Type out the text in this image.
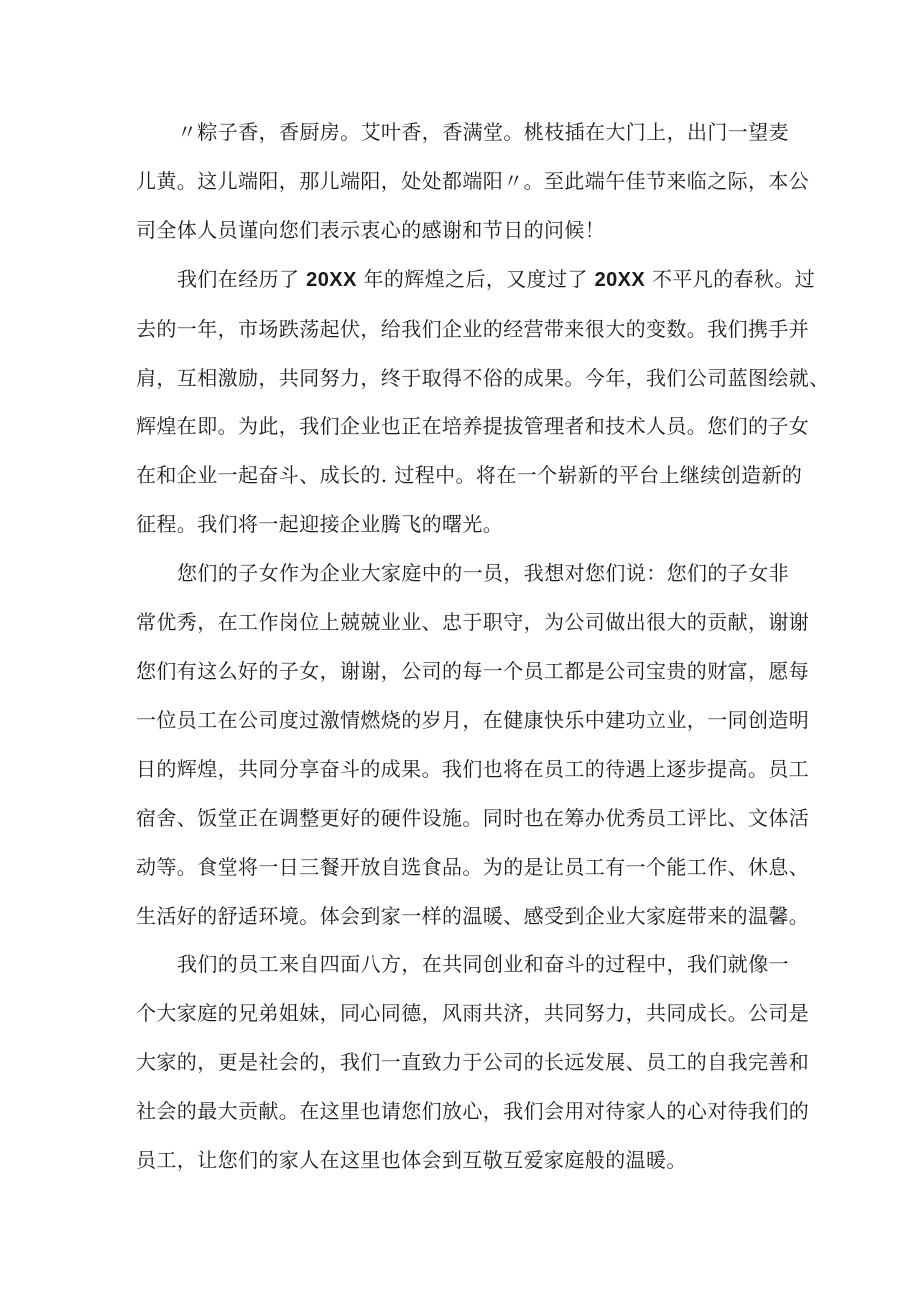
〃粽子香，香厨房。艾叶香，香满堂。桃枝插在大门上，出门一望麦
儿黄。这儿端阳，那儿端阳，处处都端阳〃。至此端午佳节来临之际，本公
司全体人员谨向您们表示衷心的感谢和节日的问候！
我们在经历了 20XX 年的辉煌之后，又度过了 20XX 不平凡的春秋。过
去的一年，市场跌荡起伏，给我们企业的经营带来很大的变数。我们携手并
肩，互相激励，共同努力，终于取得不俗的成果。今年，我们公司蓝图绘就、
辉煌在即。为此，我们企业也正在培养提拔管理者和技术人员。您们的子女
在和企业一起奋斗、成长的. 过程中。将在一个崭新的平台上继续创造新的
征程。我们将一起迎接企业腾飞的曙光。
您们的子女作为企业大家庭中的一员，我想对您们说：您们的子女非
常优秀，在工作岗位上兢兢业业、忠于职守，为公司做出很大的贡献，谢谢
您们有这么好的子女，谢谢，公司的每一个员工都是公司宝贵的财富，愿每
一位员工在公司度过激情燃烧的岁月，在健康快乐中建功立业，一同创造明
日的辉煌，共同分享奋斗的成果。我们也将在员工的待遇上逐步提高。员工
宿舍、饭堂正在调整更好的硬件设施。同时也在筹办优秀员工评比、文体活
动等。食堂将一日三餐开放自选食品。为的是让员工有一个能工作、休息、
生活好的舒适环境。体会到家一样的温暖、感受到企业大家庭带来的温馨。
我们的员工来自四面八方，在共同创业和奋斗的过程中，我们就像一
个大家庭的兄弟姐妹，同心同德，风雨共济，共同努力，共同成长。公司是
大家的，更是社会的，我们一直致力于公司的长远发展、员工的自我完善和
社会的最大贡献。在这里也请您们放心，我们会用对待家人的心对待我们的
员工，让您们的家人在这里也体会到互敬互爱家庭般的温暖。
